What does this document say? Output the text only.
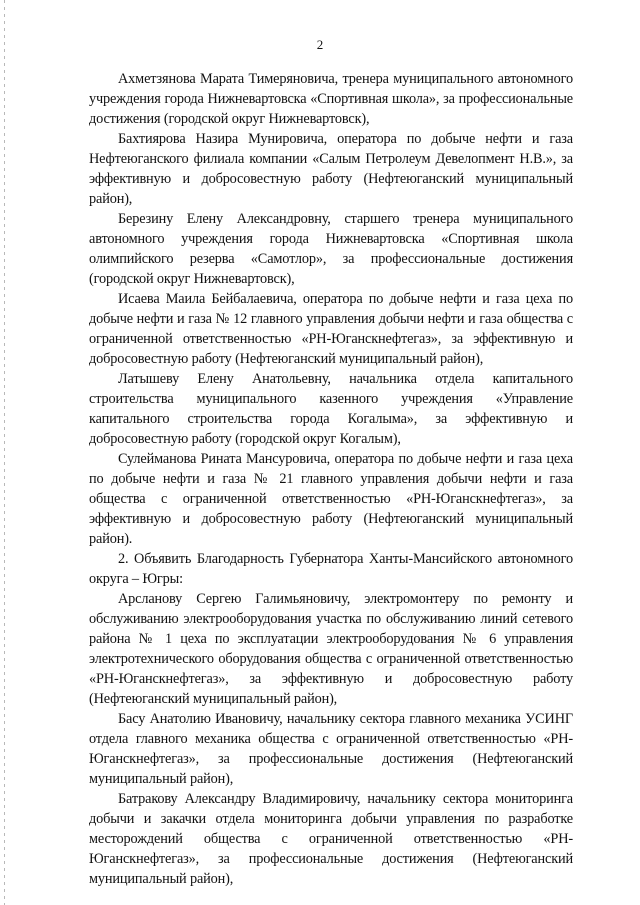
2

Ахметзянова Марата Тимеряновича, тренера муниципального автономного учреждения города Нижневартовска «Спортивная школа», за профессиональные достижения (городской округ Нижневартовск),

Бахтиярова Назира Мунировича, оператора по добыче нефти и газа Нефтеюганского филиала компании «Салым Петролеум Девелопмент Н.В.», за эффективную и добросовестную работу (Нефтеюганский муниципальный район),

Березину Елену Александровну, старшего тренера муниципального автономного учреждения города Нижневартовска «Спортивная школа олимпийского резерва «Самотлор», за профессиональные достижения (городской округ Нижневартовск),

Исаева Маила Бейбалаевича, оператора по добыче нефти и газа цеха по добыче нефти и газа № 12 главного управления добычи нефти и газа общества с ограниченной ответственностью «РН-Юганскнефтегаз», за эффективную и добросовестную работу (Нефтеюганский муниципальный район),

Латышеву Елену Анатольевну, начальника отдела капитального строительства муниципального казенного учреждения «Управление капитального строительства города Когалыма», за эффективную и добросовестную работу (городской округ Когалым),

Сулейманова Рината Мансуровича, оператора по добыче нефти и газа цеха по добыче нефти и газа № 21 главного управления добычи нефти и газа общества с ограниченной ответственностью «РН-Юганскнефтегаз», за эффективную и добросовестную работу (Нефтеюганский муниципальный район).

2. Объявить Благодарность Губернатора Ханты-Мансийского автономного округа – Югры:

Арсланову Сергею Галимьяновичу, электромонтеру по ремонту и обслуживанию электрооборудования участка по обслуживанию линий сетевого района № 1 цеха по эксплуатации электрооборудования № 6 управления электротехнического оборудования общества с ограниченной ответственностью «РН-Юганскнефтегаз», за эффективную и добросовестную работу (Нефтеюганский муниципальный район),

Басу Анатолию Ивановичу, начальнику сектора главного механика УСИНГ отдела главного механика общества с ограниченной ответственностью «РН-Юганскнефтегаз», за профессиональные достижения (Нефтеюганский муниципальный район),

Батракову Александру Владимировичу, начальнику сектора мониторинга добычи и закачки отдела мониторинга добычи управления по разработке месторождений общества с ограниченной ответственностью «РН-Юганскнефтегаз», за профессиональные достижения (Нефтеюганский муниципальный район),
